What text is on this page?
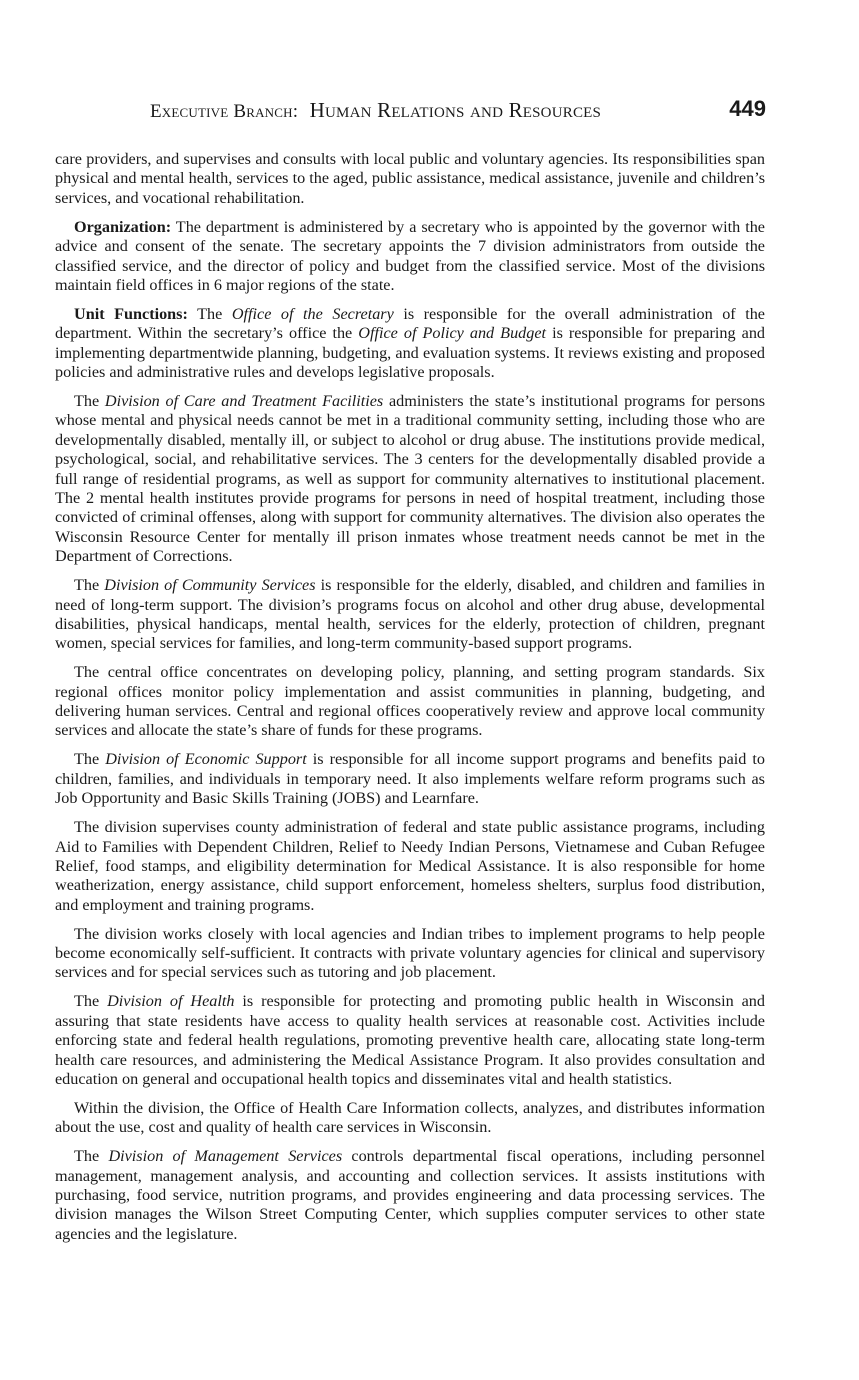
Executive Branch: Human Relations and Resources	449

care providers, and supervises and consults with local public and voluntary agencies. Its responsibilities span physical and mental health, services to the aged, public assistance, medical assistance, juvenile and children’s services, and vocational rehabilitation.

Organization: The department is administered by a secretary who is appointed by the governor with the advice and consent of the senate. The secretary appoints the 7 division administrators from outside the classified service, and the director of policy and budget from the classified service. Most of the divisions maintain field offices in 6 major regions of the state.

Unit Functions: The Office of the Secretary is responsible for the overall administration of the department. Within the secretary’s office the Office of Policy and Budget is responsible for preparing and implementing departmentwide planning, budgeting, and evaluation systems. It reviews existing and proposed policies and administrative rules and develops legislative proposals.

The Division of Care and Treatment Facilities administers the state’s institutional programs for persons whose mental and physical needs cannot be met in a traditional community setting, including those who are developmentally disabled, mentally ill, or subject to alcohol or drug abuse. The institutions provide medical, psychological, social, and rehabilitative services. The 3 centers for the developmentally disabled provide a full range of residential programs, as well as support for community alternatives to institutional placement. The 2 mental health institutes provide programs for persons in need of hospital treatment, including those convicted of criminal offenses, along with support for community alternatives. The division also operates the Wisconsin Resource Center for mentally ill prison inmates whose treatment needs cannot be met in the Department of Corrections.

The Division of Community Services is responsible for the elderly, disabled, and children and families in need of long-term support. The division’s programs focus on alcohol and other drug abuse, developmental disabilities, physical handicaps, mental health, services for the elderly, protection of children, pregnant women, special services for families, and long-term community-based support programs.

The central office concentrates on developing policy, planning, and setting program standards. Six regional offices monitor policy implementation and assist communities in planning, budgeting, and delivering human services. Central and regional offices cooperatively review and approve local community services and allocate the state’s share of funds for these programs.

The Division of Economic Support is responsible for all income support programs and benefits paid to children, families, and individuals in temporary need. It also implements welfare reform programs such as Job Opportunity and Basic Skills Training (JOBS) and Learnfare.

The division supervises county administration of federal and state public assistance programs, including Aid to Families with Dependent Children, Relief to Needy Indian Persons, Vietnamese and Cuban Refugee Relief, food stamps, and eligibility determination for Medical Assistance. It is also responsible for home weatherization, energy assistance, child support enforcement, homeless shelters, surplus food distribution, and employment and training programs.

The division works closely with local agencies and Indian tribes to implement programs to help people become economically self-sufficient. It contracts with private voluntary agencies for clinical and supervisory services and for special services such as tutoring and job placement.

The Division of Health is responsible for protecting and promoting public health in Wisconsin and assuring that state residents have access to quality health services at reasonable cost. Activities include enforcing state and federal health regulations, promoting preventive health care, allocating state long-term health care resources, and administering the Medical Assistance Program. It also provides consultation and education on general and occupational health topics and disseminates vital and health statistics.

Within the division, the Office of Health Care Information collects, analyzes, and distributes information about the use, cost and quality of health care services in Wisconsin.

The Division of Management Services controls departmental fiscal operations, including personnel management, management analysis, and accounting and collection services. It assists institutions with purchasing, food service, nutrition programs, and provides engineering and data processing services. The division manages the Wilson Street Computing Center, which supplies computer services to other state agencies and the legislature.
